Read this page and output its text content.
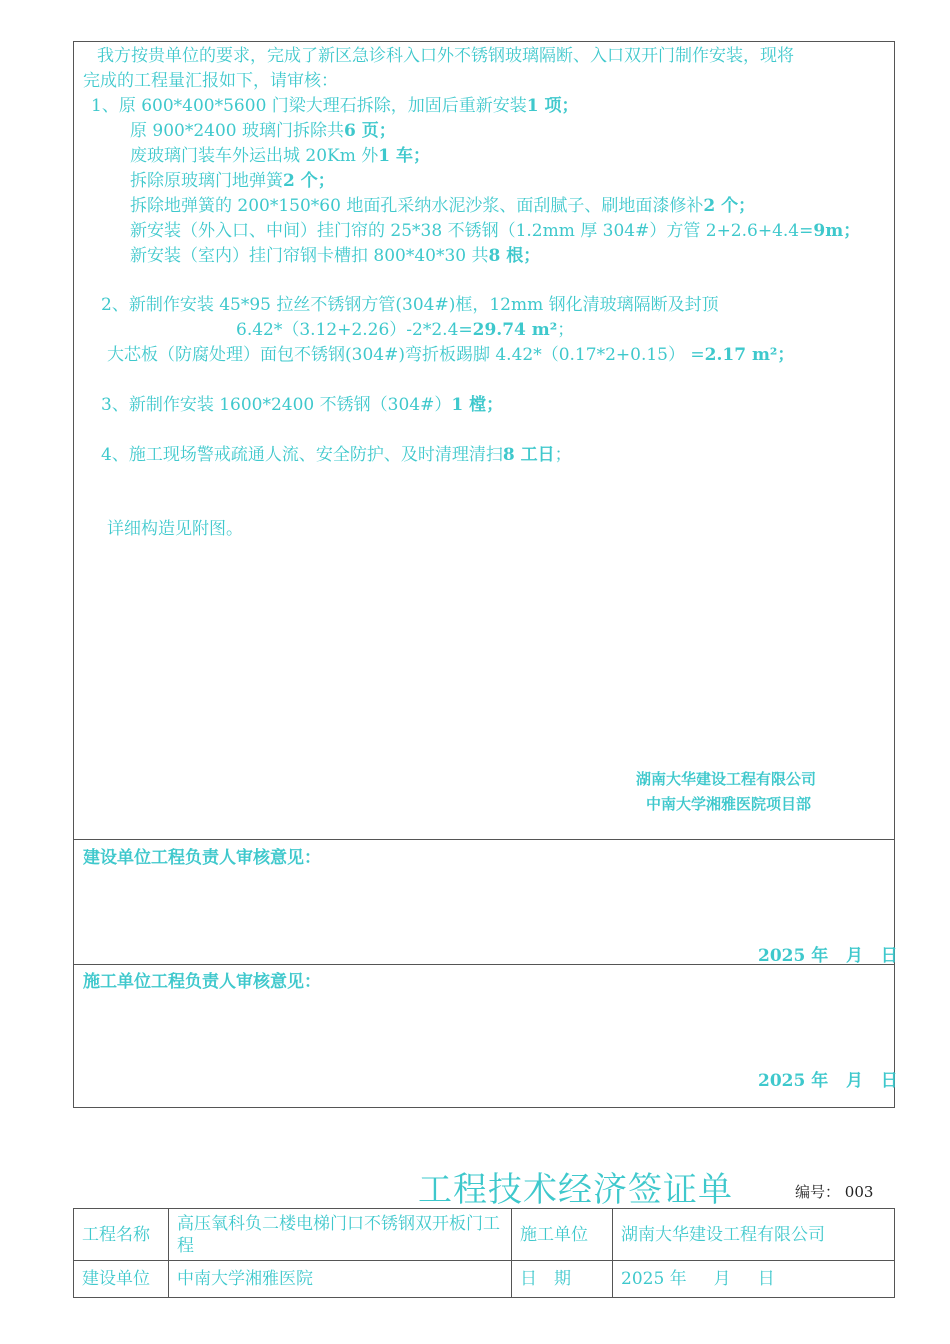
我方按贵单位的要求，完成了新区急诊科入口外不锈钢玻璃隔断、入口双开门制作安装，现将
完成的工程量汇报如下，请审核：
1、原 600*400*5600 门梁大理石拆除，加固后重新安装1 项；
原 900*2400 玻璃门拆除共6 页；
废玻璃门装车外运出城 20Km 外1 车；
拆除原玻璃门地弹簧2 个；
拆除地弹簧的 200*150*60 地面孔采纳水泥沙浆、面刮腻子、刷地面漆修补2 个；
新安装（外入口、中间）挂门帘的 25*38 不锈钢（1.2mm 厚 304#）方管 2+2.6+4.4=9m；
新安装（室内）挂门帘钢卡槽扣 800*40*30 共8 根；
2、新制作安装 45*95 拉丝不锈钢方管(304#)框，12mm 钢化清玻璃隔断及封顶
6.42*（3.12+2.26）-2*2.4=29.74 m²；
大芯板（防腐处理）面包不锈钢(304#)弯折板踢脚 4.42*（0.17*2+0.15） =2.17 m²；
3、新制作安装 1600*2400 不锈钢（304#）1 樘；
4、施工现场警戒疏通人流、安全防护、及时清理清扫8 工日；
详细构造见附图。
湖南大华建设工程有限公司
中南大学湘雅医院项目部
建设单位工程负责人审核意见：
2025 年   月   日
施工单位工程负责人审核意见：
2025 年   月   日
工程技术经济签证单	编号： 003
工程名称	高压氧科负二楼电梯门口不锈钢双开板门工程	施工单位	湖南大华建设工程有限公司
建设单位	中南大学湘雅医院	日　期	2025 年     月     日
